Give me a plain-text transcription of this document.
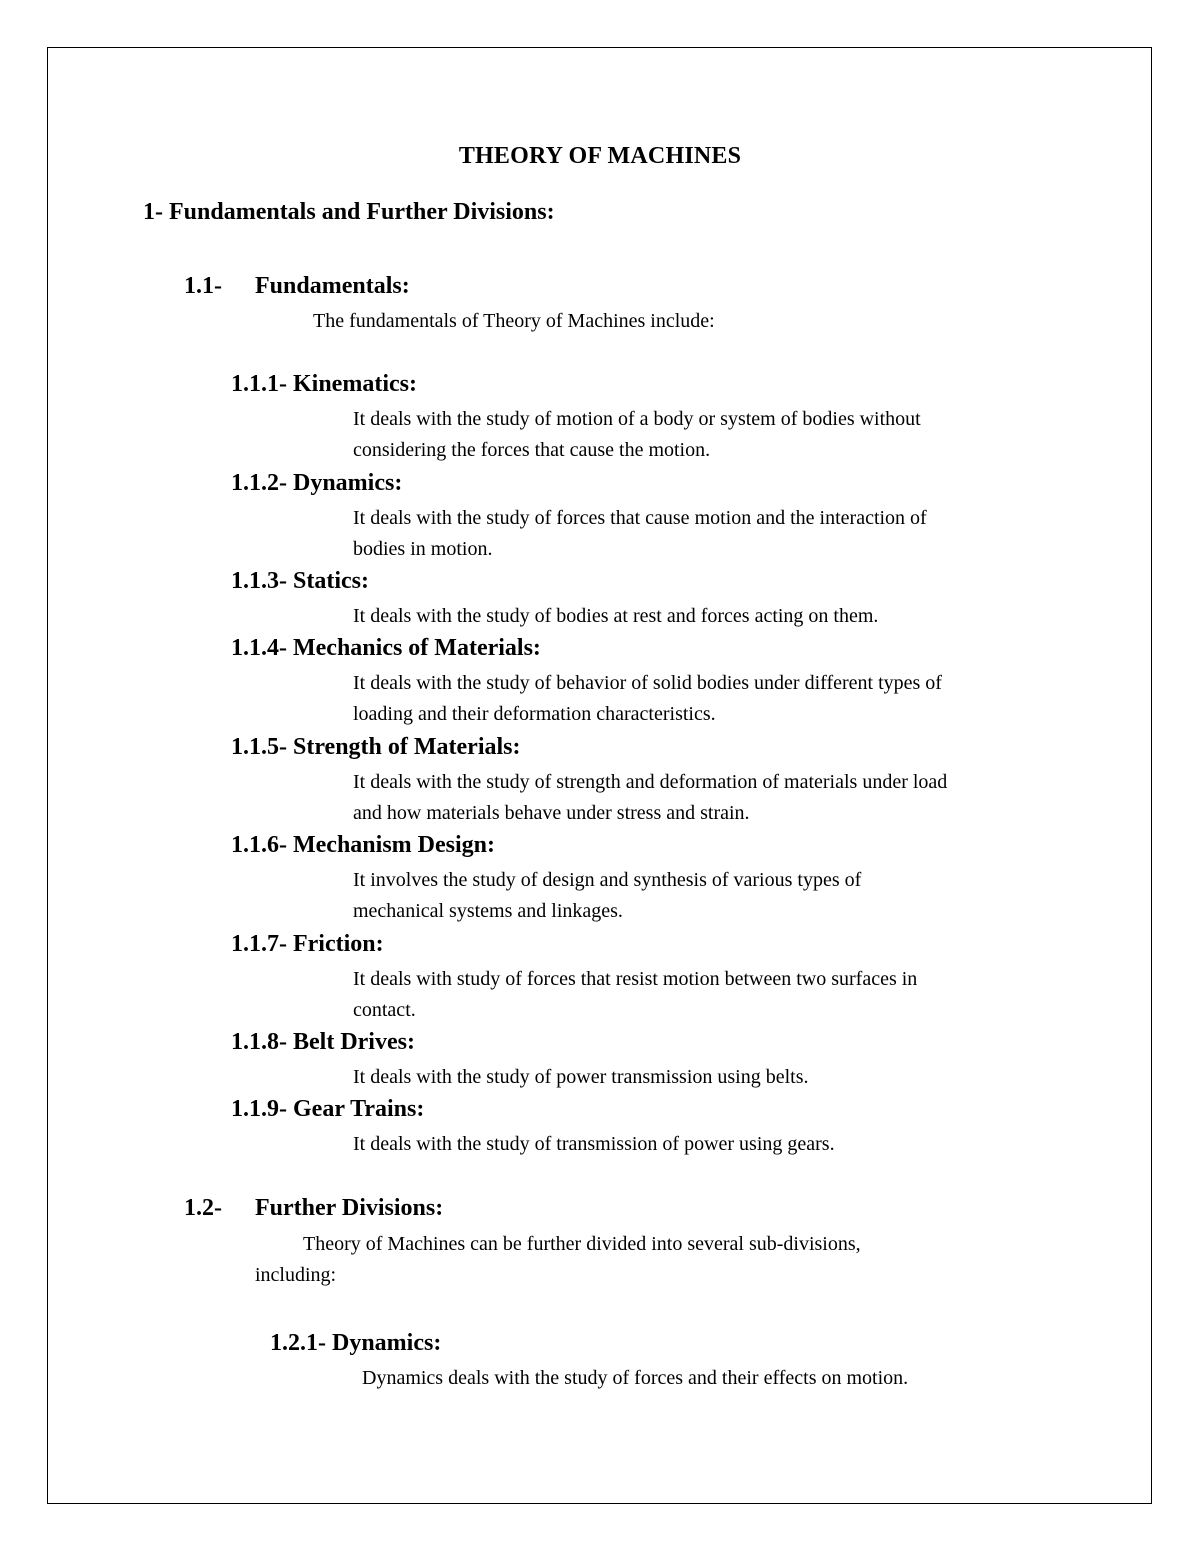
THEORY OF MACHINES
1- Fundamentals and Further Divisions:
1.1- Fundamentals:
The fundamentals of Theory of Machines include:
1.1.1- Kinematics:
It deals with the study of motion of a body or system of bodies without
considering the forces that cause the motion.
1.1.2- Dynamics:
It deals with the study of forces that cause motion and the interaction of
bodies in motion.
1.1.3- Statics:
It deals with the study of bodies at rest and forces acting on them.
1.1.4- Mechanics of Materials:
It deals with the study of behavior of solid bodies under different types of
loading and their deformation characteristics.
1.1.5- Strength of Materials:
It deals with the study of strength and deformation of materials under load
and how materials behave under stress and strain.
1.1.6- Mechanism Design:
It involves the study of design and synthesis of various types of
mechanical systems and linkages.
1.1.7- Friction:
It deals with study of forces that resist motion between two surfaces in
contact.
1.1.8- Belt Drives:
It deals with the study of power transmission using belts.
1.1.9- Gear Trains:
It deals with the study of transmission of power using gears.
1.2- Further Divisions:
Theory of Machines can be further divided into several sub-divisions,
including:
1.2.1- Dynamics:
Dynamics deals with the study of forces and their effects on motion.
